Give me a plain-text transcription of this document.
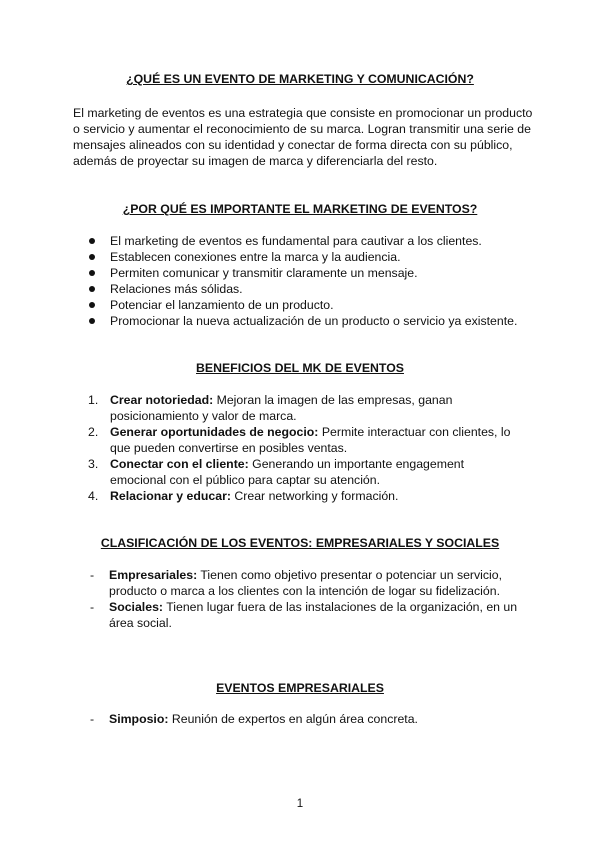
¿QUÉ ES UN EVENTO DE MARKETING Y COMUNICACIÓN?
El marketing de eventos es una estrategia que consiste en promocionar un producto
o servicio y aumentar el reconocimiento de su marca. Logran transmitir una serie de
mensajes alineados con su identidad y conectar de forma directa con su público,
además de proyectar su imagen de marca y diferenciarla del resto.
¿POR QUÉ ES IMPORTANTE EL MARKETING DE EVENTOS?
El marketing de eventos es fundamental para cautivar a los clientes.
Establecen conexiones entre la marca y la audiencia.
Permiten comunicar y transmitir claramente un mensaje.
Relaciones más sólidas.
Potenciar el lanzamiento de un producto.
Promocionar la nueva actualización de un producto o servicio ya existente.
BENEFICIOS DEL MK DE EVENTOS
1. Crear notoriedad: Mejoran la imagen de las empresas, ganan posicionamiento y valor de marca.
2. Generar oportunidades de negocio: Permite interactuar con clientes, lo que pueden convertirse en posibles ventas.
3. Conectar con el cliente: Generando un importante engagement emocional con el público para captar su atención.
4. Relacionar y educar: Crear networking y formación.
CLASIFICACIÓN DE LOS EVENTOS: EMPRESARIALES Y SOCIALES
- Empresariales: Tienen como objetivo presentar o potenciar un servicio, producto o marca a los clientes con la intención de logar su fidelización.
- Sociales: Tienen lugar fuera de las instalaciones de la organización, en un área social.
EVENTOS EMPRESARIALES
- Simposio: Reunión de expertos en algún área concreta.
1
